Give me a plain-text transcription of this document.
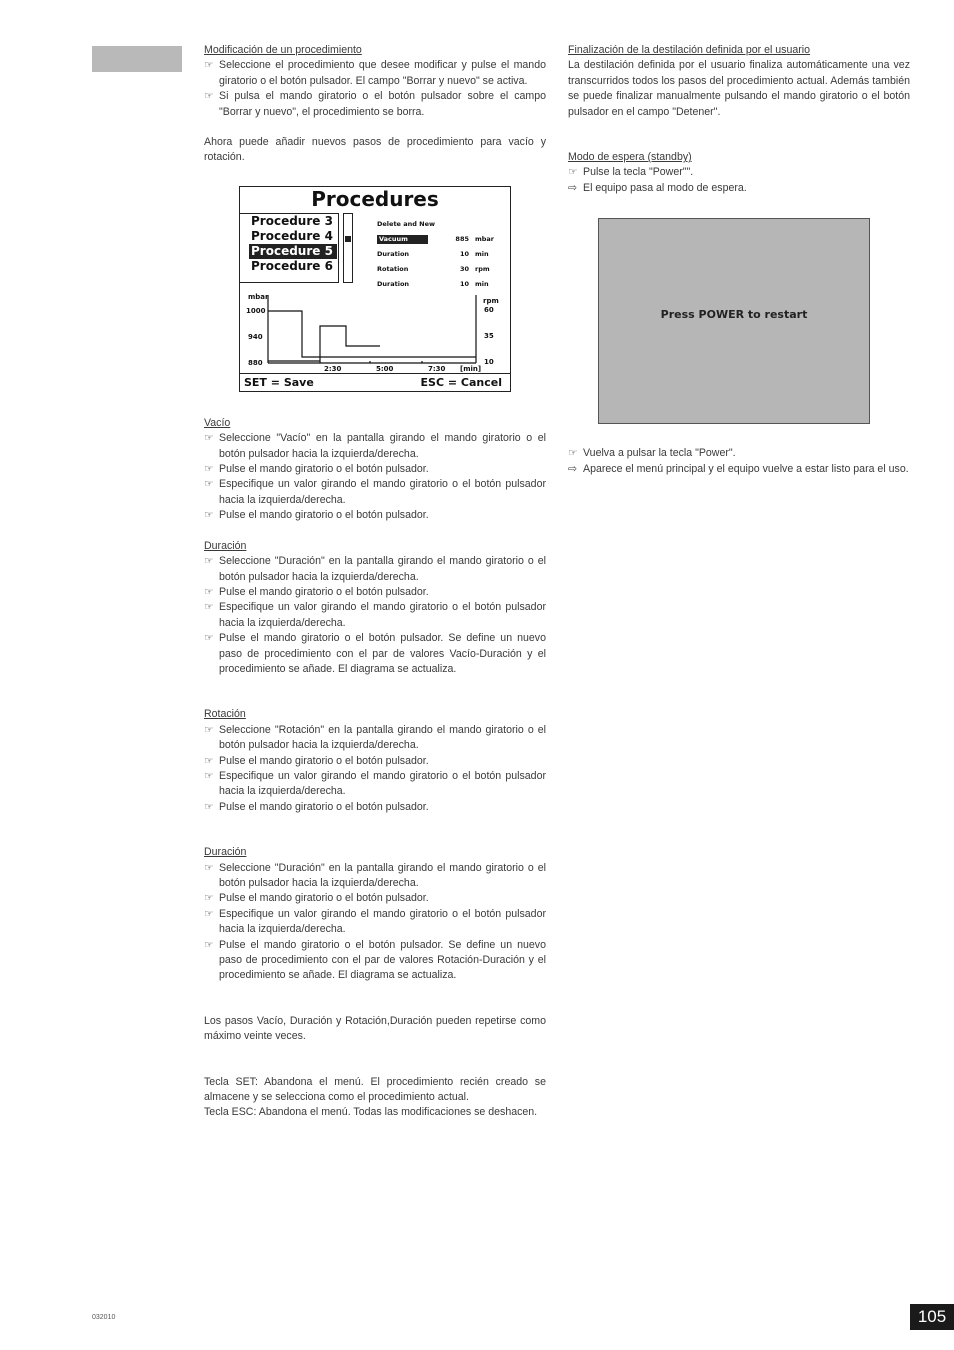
Modificación de un procedimiento
☞ Seleccione el procedimiento que desee modificar y pulse el mando giratorio o el botón pulsador. El campo "Borrar y nuevo" se activa.
☞ Si pulsa el mando giratorio o el botón pulsador sobre el campo "Borrar y nuevo", el procedimiento se borra.
Ahora puede añadir nuevos pasos de procedimiento para vacío y rotación.
Procedures
Procedure 3
Procedure 4
Procedure 5
Procedure 6
Delete and New
Vacuum	885 mbar
Duration	10 min
Rotation	30 rpm
Duration	10 min
mbar
1000
940
880
rpm
60
35
10
2:30	5:00	7:30 [min]
SET = Save	ESC = Cancel
Vacío
☞ Seleccione "Vacío" en la pantalla girando el mando giratorio o el botón pulsador hacia la izquierda/derecha.
☞ Pulse el mando giratorio o el botón pulsador.
☞ Especifique un valor girando el mando giratorio o el botón pulsador hacia la izquierda/derecha.
☞ Pulse el mando giratorio o el botón pulsador.
Duración
☞ Seleccione "Duración" en la pantalla girando el mando giratorio o el botón pulsador hacia la izquierda/derecha.
☞ Pulse el mando giratorio o el botón pulsador.
☞ Especifique un valor girando el mando giratorio o el botón pulsador hacia la izquierda/derecha.
☞ Pulse el mando giratorio o el botón pulsador. Se define un nuevo paso de procedimiento con el par de valores Vacío-Duración y el procedimiento se añade. El diagrama se actualiza.
Rotación
☞ Seleccione "Rotación" en la pantalla girando el mando giratorio o el botón pulsador hacia la izquierda/derecha.
☞ Pulse el mando giratorio o el botón pulsador.
☞ Especifique un valor girando el mando giratorio o el botón pulsador hacia la izquierda/derecha.
☞ Pulse el mando giratorio o el botón pulsador.
Duración
☞ Seleccione "Duración" en la pantalla girando el mando giratorio o el botón pulsador hacia la izquierda/derecha.
☞ Pulse el mando giratorio o el botón pulsador.
☞ Especifique un valor girando el mando giratorio o el botón pulsador hacia la izquierda/derecha.
☞ Pulse el mando giratorio o el botón pulsador. Se define un nuevo paso de procedimiento con el par de valores Rotación-Duración y el procedimiento se añade. El diagrama se actualiza.
Los pasos Vacío, Duración y Rotación,Duración pueden repetirse como máximo veinte veces.
Tecla SET: Abandona el menú. El procedimiento recién creado se almacene y se selecciona como el procedimiento actual.
Tecla ESC: Abandona el menú. Todas las modificaciones se deshacen.
Finalización de la destilación definida por el usuario
La destilación definida por el usuario finaliza automáticamente una vez transcurridos todos los pasos del procedimiento actual. Además también se puede finalizar manualmente pulsando el mando giratorio o el botón pulsador en el campo "Detener".
Modo de espera (standby)
☞ Pulse la tecla "Power"".
⇨ El equipo pasa al modo de espera.
☞ Vuelva a pulsar la tecla "Power".
⇨ Aparece el menú principal y el equipo vuelve a estar listo para el uso.
Press POWER to restart
032010	105
